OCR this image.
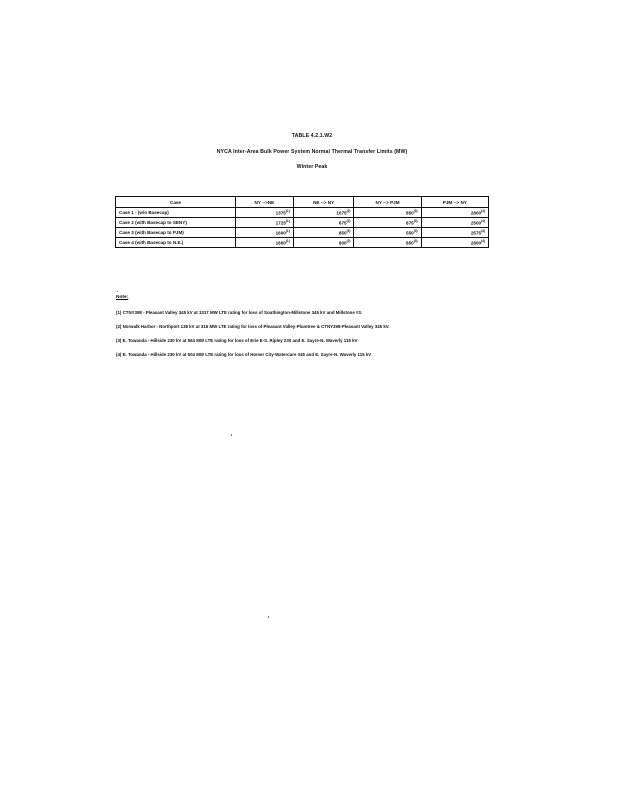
TABLE 4.2.1.W2
NYCA Inter-Area Bulk Power System Normal Thermal Transfer Limits (MW)
Winter Peak
Case	NY -->NE	NE --> NY	NY --> PJM	PJM --> NY
Case 1 - (w/o Basecap)	1375$^{(1)}$	1075$^{(2)}$	850$^{(3)}$	2800$^{(4)}$
Case 2 (with Basecap to SENY)	1725$^{(1)}$	675$^{(2)}$	875$^{(3)}$	2500$^{(4)}$
Case 3 (with Basecap to PJM)	1600$^{(1)}$	850$^{(2)}$	550$^{(3)}$	2575$^{(4)}$
Case 4 (with Basecap to N.E.)	1600$^{(1)}$	800$^{(2)}$	850$^{(3)}$	2800$^{(4)}$
Note:
(1) CTNY398 - Pleasant Valley 345 kV at 1317 MW LTE rating for loss of Southington-Millstone 345 kV and Millstone #3.
(2) Norwalk Harbor - Northport 138 kV at 315 MW LTE rating for loss of Pleasant Valley-Plumtree & CTNY398-Pleasant Valley 345 kV.
(3) E. Towanda - Hillside 230 kV at 564 MW LTE rating for loss of Erie E-S. Ripley 230 and E. Sayre-N. Waverly 115 kV
(4) E. Towanda - Hillside 230 kV at 504 MW LTE rating for loss of Homer City-Watercure 345 and E. Sayre-N. Waverly 115 kV
